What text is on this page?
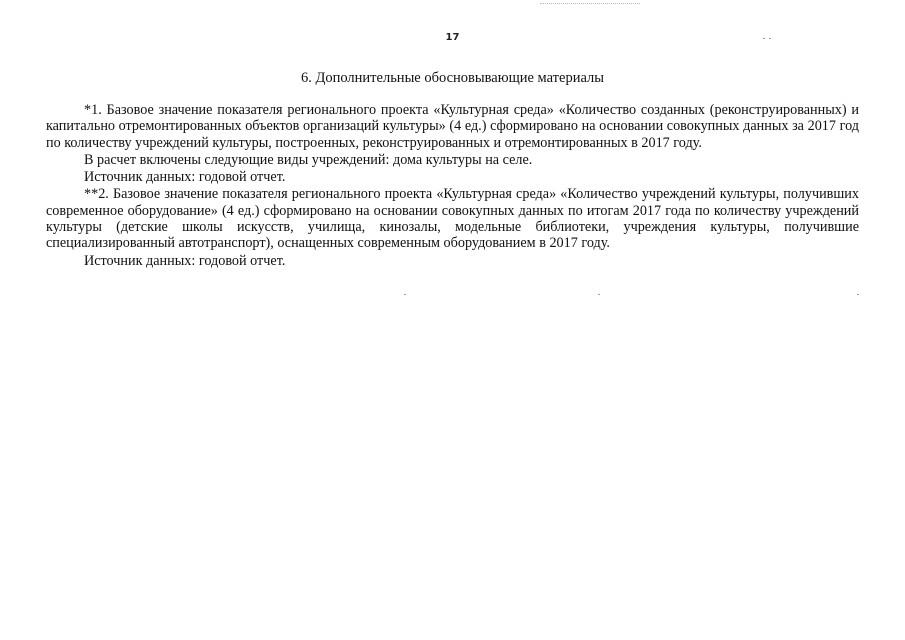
17
6. Дополнительные обосновывающие материалы

*1. Базовое значение показателя регионального проекта «Культурная среда» «Количество созданных (реконструированных) и капитально отремонтированных объектов организаций культуры» (4 ед.) сформировано на основании совокупных данных за 2017 год по количеству учреждений культуры, построенных, реконструированных и отремонтированных в 2017 году.

В расчет включены следующие виды учреждений: дома культуры на селе.

Источник данных: годовой отчет.

**2. Базовое значение показателя регионального проекта «Культурная среда» «Количество учреждений культуры, получивших современное оборудование» (4 ед.) сформировано на основании совокупных данных по итогам 2017 года по количеству учреждений культуры (детские школы искусств, училища, кинозалы, модельные библиотеки, учреждения культуры, получившие специализированный автотранспорт), оснащенных современным оборудованием в 2017 году.

Источник данных: годовой отчет.
